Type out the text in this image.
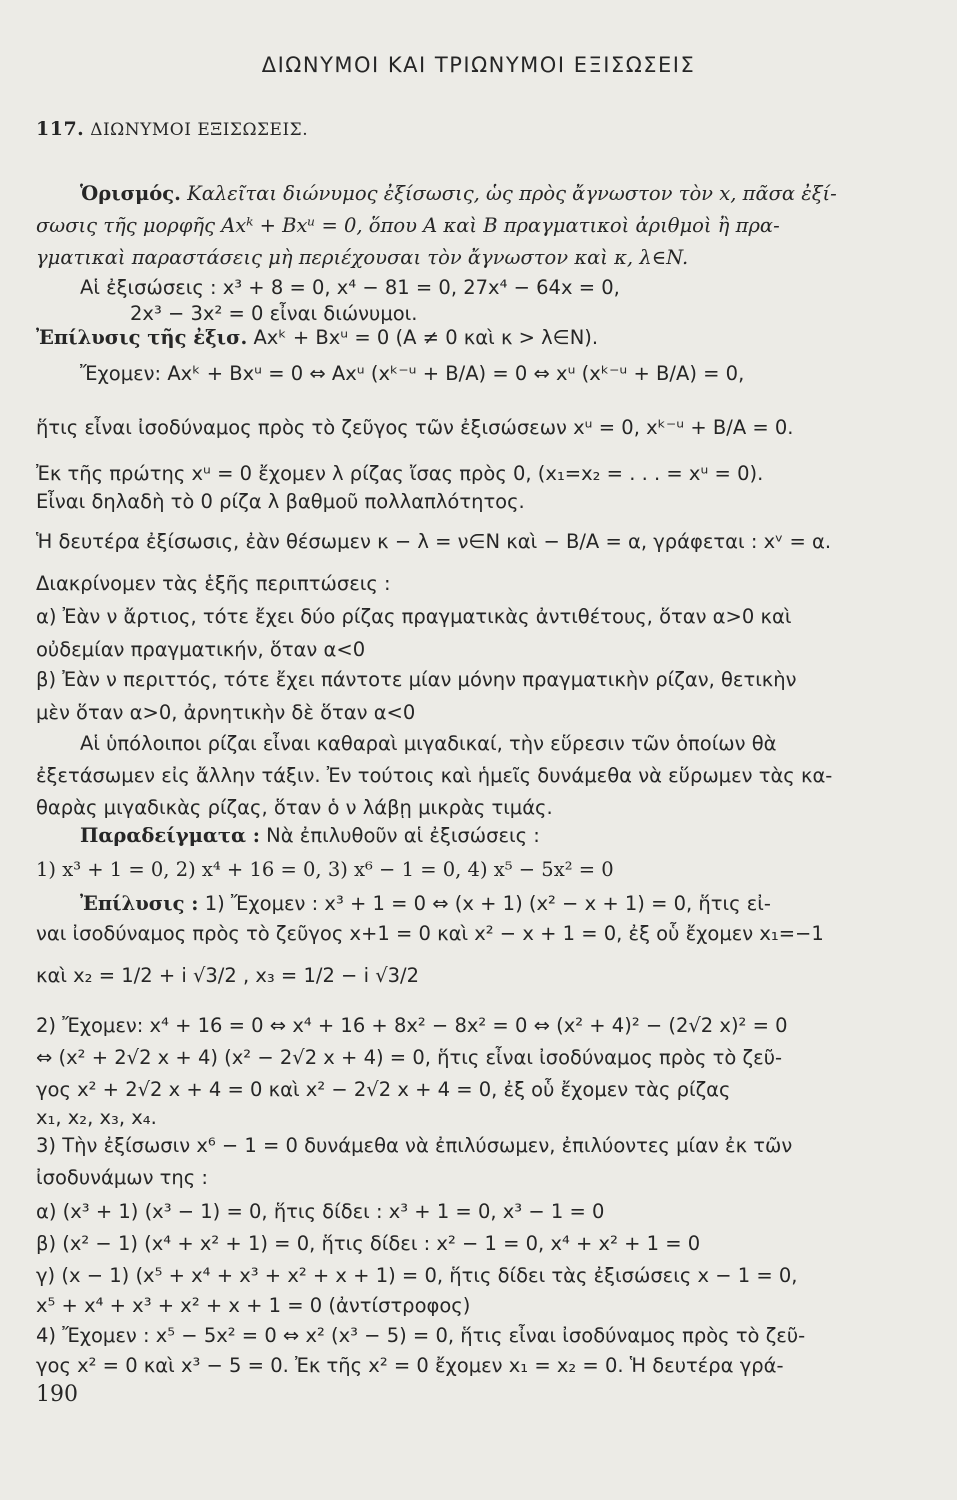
ΔΙΩΝΥΜΟΙ ΚΑΙ ΤΡΙΩΝΥΜΟΙ ΕΞΙΣΩΣΕΙΣ
117. ΔΙΩΝΥΜΟΙ ΕΞΙΣΩΣΕΙΣ.
Ὁρισμός. Καλεῖται διώνυμος ἐξίσωσις, ὡς πρὸς ἄγνωστον τὸν x, πᾶσα ἐξί-
σωσις τῆς μορφῆς Axᵏ + Bxᵘ = 0, ὅπου A καὶ B πραγματικοὶ ἀριθμοὶ ἢ πρα-
γματικαὶ παραστάσεις μὴ περιέχουσαι τὸν ἄγνωστον καὶ κ, λ∈N.
Αἱ ἐξισώσεις : x³ + 8 = 0, x⁴ − 81 = 0, 27x⁴ − 64x = 0,
2x³ − 3x² = 0 εἶναι διώνυμοι.
Ἐπίλυσις τῆς ἐξισ. Axᵏ + Bxᵘ = 0 (A ≠ 0 καὶ κ > λ∈N).
Ἔχομεν: Axᵏ + Bxᵘ = 0 ⇔ Axᵘ (xᵏ⁻ᵘ + B/A) = 0 ⇔ xᵘ (xᵏ⁻ᵘ + B/A) = 0,
ἥτις εἶναι ἰσοδύναμος πρὸς τὸ ζεῦγος τῶν ἐξισώσεων xᵘ = 0, xᵏ⁻ᵘ + B/A = 0.
Ἐκ τῆς πρώτης xᵘ = 0 ἔχομεν λ ρίζας ἴσας πρὸς 0, (x₁=x₂ = . . . = xᵘ = 0).
Εἶναι δηλαδὴ τὸ 0 ρίζα λ βαθμοῦ πολλαπλότητος.
Ἡ δευτέρα ἐξίσωσις, ἐὰν θέσωμεν κ − λ = ν∈N καὶ − B/A = α, γράφεται : xᵛ = α.
Διακρίνομεν τὰς ἑξῆς περιπτώσεις :
α) Ἐὰν ν ἄρτιος, τότε ἔχει δύο ρίζας πραγματικὰς ἀντιθέτους, ὅταν α>0 καὶ
οὐδεμίαν πραγματικήν, ὅταν α<0
β) Ἐὰν ν περιττός, τότε ἔχει πάντοτε μίαν μόνην πραγματικὴν ρίζαν, θετικὴν
μὲν ὅταν α>0, ἀρνητικὴν δὲ ὅταν α<0
Αἱ ὑπόλοιποι ρίζαι εἶναι καθαραὶ μιγαδικαί, τὴν εὕρεσιν τῶν ὁποίων θὰ
ἐξετάσωμεν εἰς ἄλλην τάξιν. Ἐν τούτοις καὶ ἡμεῖς δυνάμεθα νὰ εὕρωμεν τὰς κα-
θαρὰς μιγαδικὰς ρίζας, ὅταν ὁ ν λάβῃ μικρὰς τιμάς.
Παραδείγματα : Νὰ ἐπιλυθοῦν αἱ ἐξισώσεις :
1) x³ + 1 = 0, 2) x⁴ + 16 = 0, 3) x⁶ − 1 = 0, 4) x⁵ − 5x² = 0
Ἐπίλυσις : 1) Ἔχομεν : x³ + 1 = 0 ⇔ (x + 1) (x² − x + 1) = 0, ἥτις εἰ-
ναι ἰσοδύναμος πρὸς τὸ ζεῦγος x+1 = 0 καὶ x² − x + 1 = 0, ἐξ οὗ ἔχομεν x₁=−1
καὶ x₂ = 1/2 + i √3/2 , x₃ = 1/2 − i √3/2
2) Ἔχομεν: x⁴ + 16 = 0 ⇔ x⁴ + 16 + 8x² − 8x² = 0 ⇔ (x² + 4)² − (2√2 x)² = 0
⇔ (x² + 2√2 x + 4) (x² − 2√2 x + 4) = 0, ἥτις εἶναι ἰσοδύναμος πρὸς τὸ ζεῦ-
γος x² + 2√2 x + 4 = 0 καὶ x² − 2√2 x + 4 = 0, ἐξ οὗ ἔχομεν τὰς ρίζας
x₁, x₂, x₃, x₄.
3) Τὴν ἐξίσωσιν x⁶ − 1 = 0 δυνάμεθα νὰ ἐπιλύσωμεν, ἐπιλύοντες μίαν ἐκ τῶν
ἰσοδυνάμων της :
α) (x³ + 1) (x³ − 1) = 0, ἥτις δίδει : x³ + 1 = 0, x³ − 1 = 0
β) (x² − 1) (x⁴ + x² + 1) = 0, ἥτις δίδει : x² − 1 = 0, x⁴ + x² + 1 = 0
γ) (x − 1) (x⁵ + x⁴ + x³ + x² + x + 1) = 0, ἥτις δίδει τὰς ἐξισώσεις x − 1 = 0,
x⁵ + x⁴ + x³ + x² + x + 1 = 0 (ἀντίστροφος)
4) Ἔχομεν : x⁵ − 5x² = 0 ⇔ x² (x³ − 5) = 0, ἥτις εἶναι ἰσοδύναμος πρὸς τὸ ζεῦ-
γος x² = 0 καὶ x³ − 5 = 0. Ἐκ τῆς x² = 0 ἔχομεν x₁ = x₂ = 0. Ἡ δευτέρα γρά-
190
